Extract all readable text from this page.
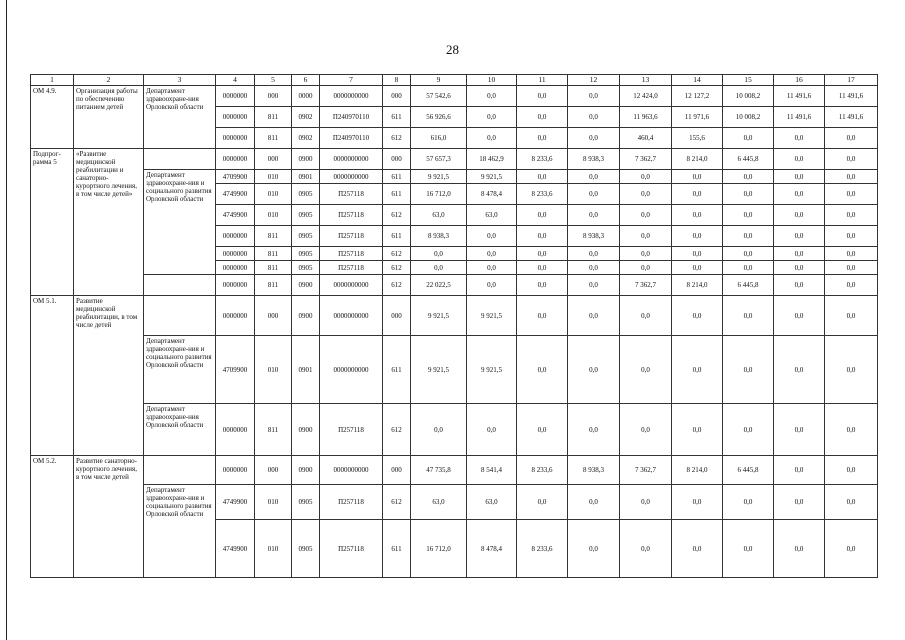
28
1	2	3	4	5	6	7	8	9	10	11	12	13	14	15	16	17
ОМ 4.9.	Организация работы по обеспечению питанием детей	Департамент здравоохране-ния Орловской области	0000000	000	0000	0000000000	000	57 542,6	0,0	0,0	0,0	12 424,0	12 127,2	10 008,2	11 491,6	11 491,6
			0000000	811	0902	П240970110	611	56 926,6	0,0	0,0	0,0	11 963,6	11 971,6	10 008,2	11 491,6	11 491,6
			0000000	811	0902	П240970110	612	616,0	0,0	0,0	0,0	460,4	155,6	0,0	0,0	0,0
Подпрог-рамма 5	«Развитие медицинской реабилитации и санаторно-курортного лечения, в том числе детей»		0000000	000	0900	0000000000	000	57 657,3	18 462,9	8 233,6	8 938,3	7 362,7	8 214,0	6 445,8	0,0	0,0
		Департамент здравоохране-ния и социального развития Орловской области	4709900	010	0901	0000000000	611	9 921,5	9 921,5	0,0	0,0	0,0	0,0	0,0	0,0	0,0
			4749900	010	0905	П257118	611	16 712,0	8 478,4	8 233,6	0,0	0,0	0,0	0,0	0,0	0,0
			4749900	010	0905	П257118	612	63,0	63,0	0,0	0,0	0,0	0,0	0,0	0,0	0,0
			0000000	811	0905	П257118	611	8 938,3	0,0	0,0	8 938,3	0,0	0,0	0,0	0,0	0,0
			0000000	811	0905	П257118	612	0,0	0,0	0,0	0,0	0,0	0,0	0,0	0,0	0,0
			0000000	811	0905	П257118	612	0,0	0,0	0,0	0,0	0,0	0,0	0,0	0,0	0,0
			0000000	811	0900	0000000000	612	22 022,5	0,0	0,0	0,0	7 362,7	8 214,0	6 445,8	0,0	0,0
ОМ 5.1.	Развитие медицинской реабилитации, в том числе детей		0000000	000	0900	0000000000	000	9 921,5	9 921,5	0,0	0,0	0,0	0,0	0,0	0,0	0,0
		Департамент здравоохране-ния и социального развития Орловской области	4709900	010	0901	0000000000	611	9 921,5	9 921,5	0,0	0,0	0,0	0,0	0,0	0,0	0,0
		Департамент здравоохране-ния Орловской области	0000000	811	0900	П257118	612	0,0	0,0	0,0	0,0	0,0	0,0	0,0	0,0	0,0
ОМ 5.2.	Развитие санаторно-курортного лечения, в том числе детей		0000000	000	0900	0000000000	000	47 735,8	8 541,4	8 233,6	8 938,3	7 362,7	8 214,0	6 445,8	0,0	0,0
		Департамент здравоохране-ния и социального развития Орловской области	4749900	010	0905	П257118	612	63,0	63,0	0,0	0,0	0,0	0,0	0,0	0,0	0,0
			4749900	010	0905	П257118	611	16 712,0	8 478,4	8 233,6	0,0	0,0	0,0	0,0	0,0	0,0
